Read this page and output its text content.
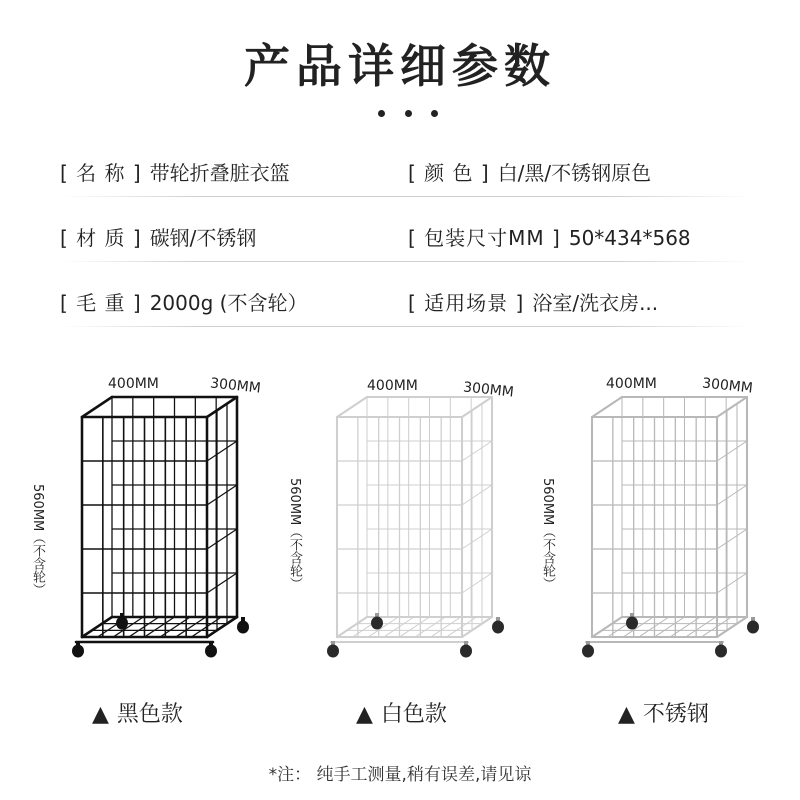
产品详细参数
[ 名 称 ] 带轮折叠脏衣篮	[ 颜 色 ] 白/黑/不锈钢原色
[ 材 质 ] 碳钢/不锈钢	[ 包装尺寸MM ] 50*434*568
[ 毛 重 ] 2000g (不含轮）	[ 适用场景 ] 浴室/洗衣房...
400MM	300MM
560MM（不含轮）
400MM	300MM
560MM（不含轮）
400MM	300MM
560MM（不含轮）
▲ 黑色款	▲ 白色款	▲ 不锈钢
*注： 纯手工测量,稍有误差,请见谅
